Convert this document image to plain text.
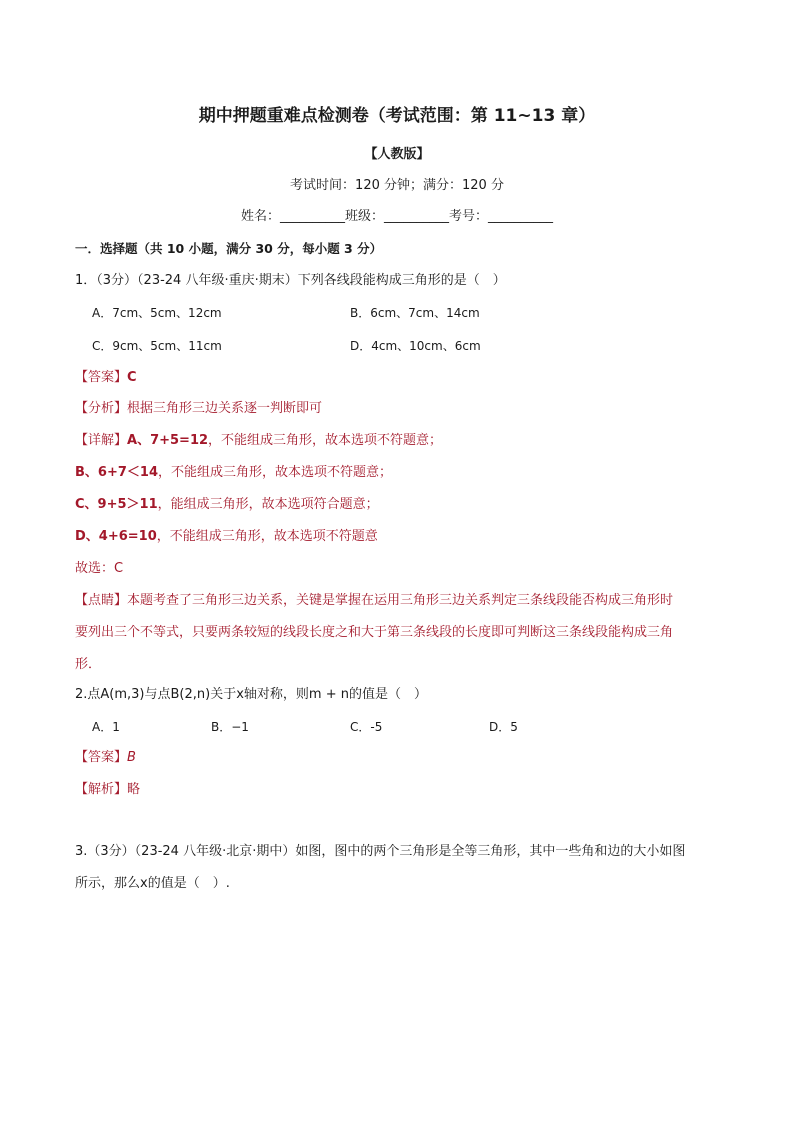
期中押题重难点检测卷（考试范围：第 11~13 章）
【人教版】
考试时间：120 分钟；满分：120 分
姓名：__________班级：__________考号：__________
一．选择题（共 10 小题，满分 30 分，每小题 3 分）
1．（3分）（23-24 八年级·重庆·期末）下列各线段能构成三角形的是（　）
A．7cm、5cm、12cm	B．6cm、7cm、14cm
C．9cm、5cm、11cm	D．4cm、10cm、6cm
【答案】C
【分析】根据三角形三边关系逐一判断即可
【详解】A、7+5=12，不能组成三角形，故本选项不符题意；
B、6+7＜14，不能组成三角形，故本选项不符题意；
C、9+5＞11，能组成三角形，故本选项符合题意；
D、4+6=10，不能组成三角形，故本选项不符题意
故选：C
【点睛】本题考查了三角形三边关系，关键是掌握在运用三角形三边关系判定三条线段能否构成三角形时
要列出三个不等式，只要两条较短的线段长度之和大于第三条线段的长度即可判断这三条线段能构成三角
形．
2.点A(m,3)与点B(2,n)关于x轴对称，则m + n的值是（　）
A．1	B．−1	C．-5	D．5
【答案】B
【解析】略
3.（3分）（23-24 八年级·北京·期中）如图，图中的两个三角形是全等三角形，其中一些角和边的大小如图
所示，那么x的值是（　）.
